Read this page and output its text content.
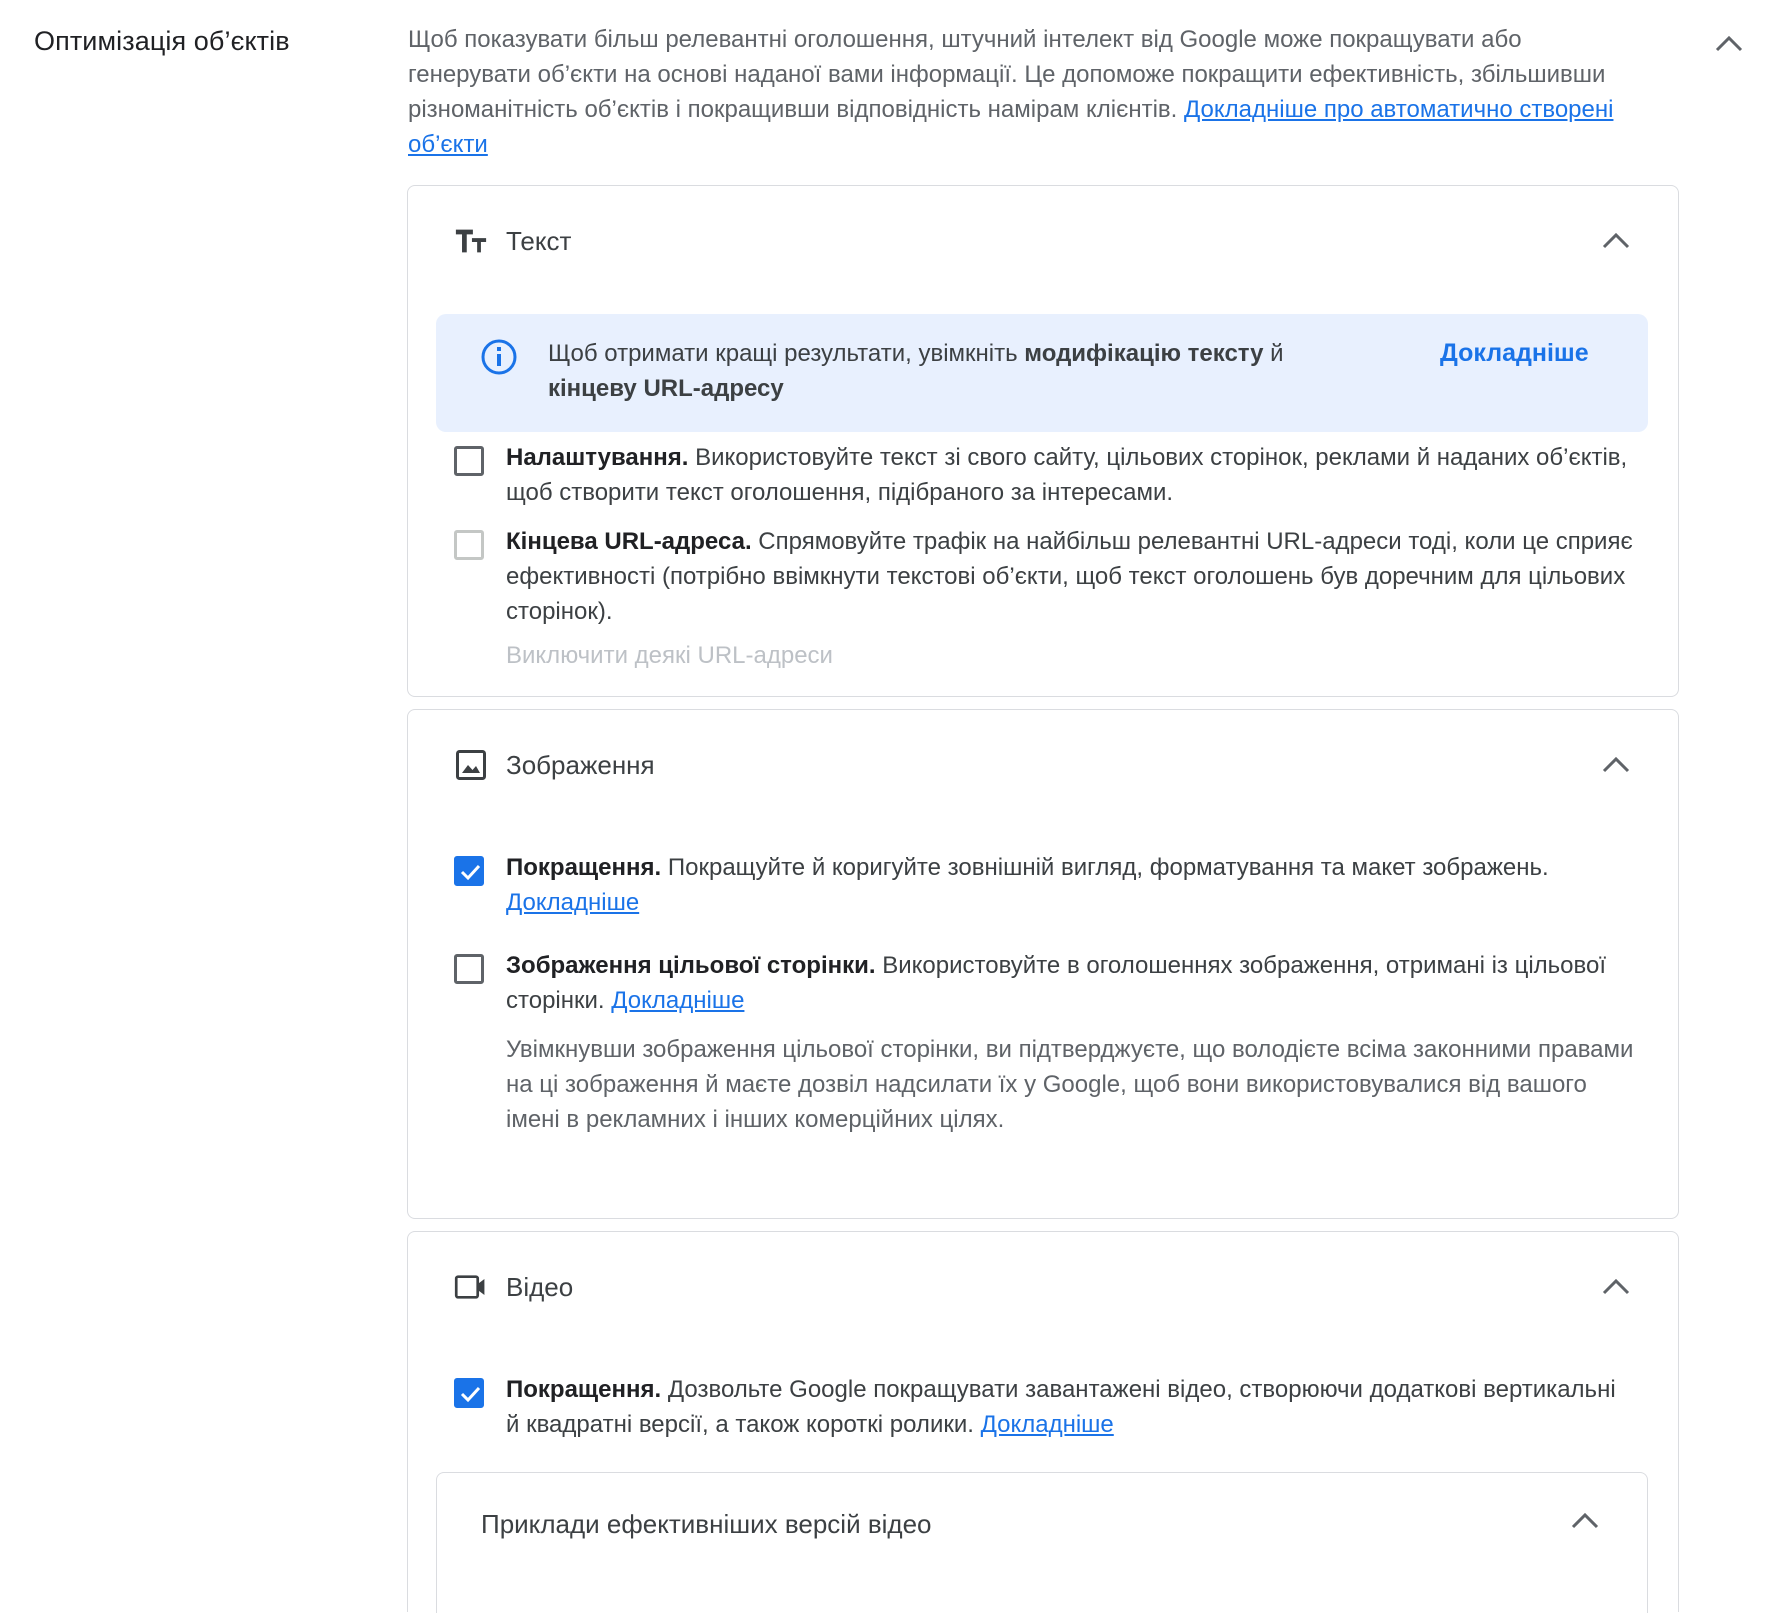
Оптимізація об’єктів	Щоб показувати більш релевантні оголошення, штучний інтелект від Google може покращувати або генерувати об’єкти на основі наданої вами інформації. Це допоможе покращити ефективність, збільшивши різноманітність об’єктів і покращивши відповідність намірам клієнтів. Докладніше про автоматично створені об’єкти
Текст
Щоб отримати кращі результати, увімкніть модифікацію тексту й кінцеву URL-адресу
Докладніше
Налаштування. Використовуйте текст зі свого сайту, цільових сторінок, реклами й наданих об’єктів, щоб створити текст оголошення, підібраного за інтересами.
Кінцева URL-адреса. Спрямовуйте трафік на найбільш релевантні URL-адреси тоді, коли це сприяє ефективності (потрібно ввімкнути текстові об’єкти, щоб текст оголошень був доречним для цільових сторінок).
Виключити деякі URL-адреси
Зображення
Покращення. Покращуйте й коригуйте зовнішній вигляд, форматування та макет зображень. Докладніше
Зображення цільової сторінки. Використовуйте в оголошеннях зображення, отримані із цільової сторінки. Докладніше
Увімкнувши зображення цільової сторінки, ви підтверджуєте, що володієте всіма законними правами на ці зображення й маєте дозвіл надсилати їх у Google, щоб вони використовувалися від вашого імені в рекламних і інших комерційних цілях.
Відео
Покращення. Дозвольте Google покращувати завантажені відео, створюючи додаткові вертикальні й квадратні версії, а також короткі ролики. Докладніше
Приклади ефективніших версій відео
